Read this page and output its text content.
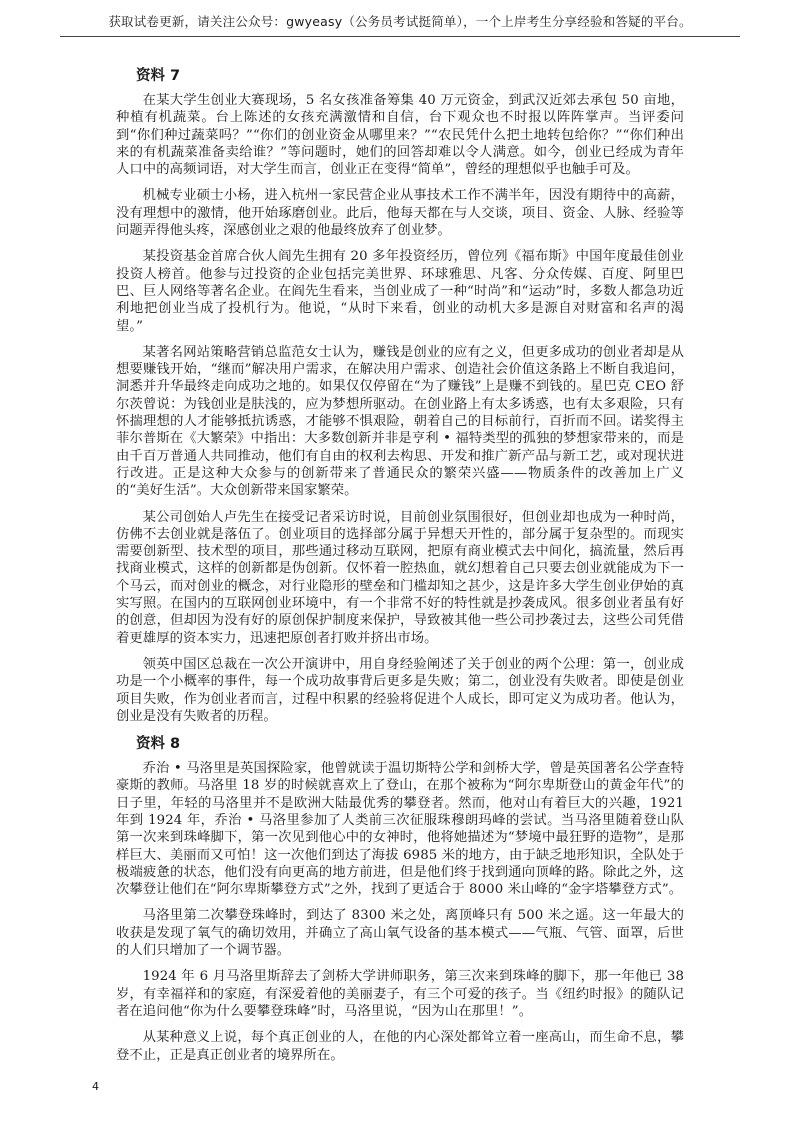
获取试卷更新，请关注公众号：gwyeasy（公务员考试挺简单），一个上岸考生分享经验和答疑的平台。
资料 7

在某大学生创业大赛现场，5 名女孩准备筹集 40 万元资金，到武汉近郊去承包 50 亩地，种植有机蔬菜。台上陈述的女孩充满激情和自信，台下观众也不时报以阵阵掌声。当评委问到“你们种过蔬菜吗？”“你们的创业资金从哪里来？”“农民凭什么把土地转包给你？”“你们种出来的有机蔬菜准备卖给谁？”等问题时，她们的回答却难以令人满意。如今，创业已经成为青年人口中的高频词语，对大学生而言，创业正在变得“简单”，曾经的理想似乎也触手可及。

机械专业硕士小杨，进入杭州一家民营企业从事技术工作不满半年，因没有期待中的高薪，没有理想中的激情，他开始琢磨创业。此后，他每天都在与人交谈，项目、资金、人脉、经验等问题弄得他头疼，深感创业之艰的他最终放弃了创业梦。

某投资基金首席合伙人阎先生拥有 20 多年投资经历，曾位列《福布斯》中国年度最佳创业投资人榜首。他参与过投资的企业包括完美世界、环球雅思、凡客、分众传媒、百度、阿里巴巴、巨人网络等著名企业。在阎先生看来，当创业成了一种“时尚”和“运动”时，多数人都急功近利地把创业当成了投机行为。他说，“从时下来看，创业的动机大多是源自对财富和名声的渴望。”

某著名网站策略营销总监范女士认为，赚钱是创业的应有之义，但更多成功的创业者却是从想要赚钱开始，“继而”解决用户需求，在解决用户需求、创造社会价值这条路上不断自我追问，洞悉并升华最终走向成功之地的。如果仅仅停留在“为了赚钱”上是赚不到钱的。星巴克 CEO 舒尔茨曾说：为钱创业是肤浅的，应为梦想所驱动。在创业路上有太多诱惑，也有太多艰险，只有怀揣理想的人才能够抵抗诱惑，才能够不惧艰险，朝着自己的目标前行，百折而不回。诺奖得主菲尔普斯在《大繁荣》中指出：大多数创新并非是亨利 • 福特类型的孤独的梦想家带来的，而是由千百万普通人共同推动，他们有自由的权利去构思、开发和推广新产品与新工艺，或对现状进行改进。正是这种大众参与的创新带来了普通民众的繁荣兴盛——物质条件的改善加上广义的“美好生活”。大众创新带来国家繁荣。

某公司创始人卢先生在接受记者采访时说，目前创业氛围很好，但创业却也成为一种时尚，仿佛不去创业就是落伍了。创业项目的选择部分属于异想天开性的，部分属于复杂型的。而现实需要创新型、技术型的项目，那些通过移动互联网，把原有商业模式去中间化，搞流量，然后再找商业模式，这样的创新都是伪创新。仅怀着一腔热血，就幻想着自己只要去创业就能成为下一个马云，而对创业的概念，对行业隐形的壁垒和门槛却知之甚少，这是许多大学生创业伊始的真实写照。在国内的互联网创业环境中，有一个非常不好的特性就是抄袭成风。很多创业者虽有好的创意，但却因为没有好的原创保护制度来保护，导致被其他一些公司抄袭过去，这些公司凭借着更雄厚的资本实力，迅速把原创者打败并挤出市场。

领英中国区总裁在一次公开演讲中，用自身经验阐述了关于创业的两个公理：第一，创业成功是一个小概率的事件，每一个成功故事背后更多是失败；第二，创业没有失败者。即使是创业项目失败，作为创业者而言，过程中积累的经验将促进个人成长，即可定义为成功者。他认为，创业是没有失败者的历程。

资料 8

乔治 • 马洛里是英国探险家，他曾就读于温切斯特公学和剑桥大学，曾是英国著名公学查特豪斯的教师。马洛里 18 岁的时候就喜欢上了登山，在那个被称为“阿尔卑斯登山的黄金年代”的日子里，年轻的马洛里并不是欧洲大陆最优秀的攀登者。然而，他对山有着巨大的兴趣，1921 年到 1924 年，乔治 • 马洛里参加了人类前三次征服珠穆朗玛峰的尝试。当马洛里随着登山队第一次来到珠峰脚下，第一次见到他心中的女神时，他将她描述为“梦境中最狂野的造物”，是那样巨大、美丽而又可怕！这一次他们到达了海拔 6985 米的地方，由于缺乏地形知识，全队处于极端疲惫的状态，他们没有向更高的地方前进，但是他们终于找到通向顶峰的路。除此之外，这次攀登让他们在“阿尔卑斯攀登方式”之外，找到了更适合于 8000 米山峰的“金字塔攀登方式”。

马洛里第二次攀登珠峰时，到达了 8300 米之处，离顶峰只有 500 米之遥。这一年最大的收获是发现了氧气的确切效用，并确立了高山氧气设备的基本模式——气瓶、气管、面罩，后世的人们只增加了一个调节器。

1924 年 6 月马洛里斯辞去了剑桥大学讲师职务，第三次来到珠峰的脚下，那一年他已 38 岁，有幸福祥和的家庭，有深爱着他的美丽妻子，有三个可爱的孩子。当《纽约时报》的随队记者在追问他“你为什么要攀登珠峰”时，马洛里说，“因为山在那里！”。

从某种意义上说，每个真正创业的人，在他的内心深处都耸立着一座高山，而生命不息，攀登不止，正是真正创业者的境界所在。

4
